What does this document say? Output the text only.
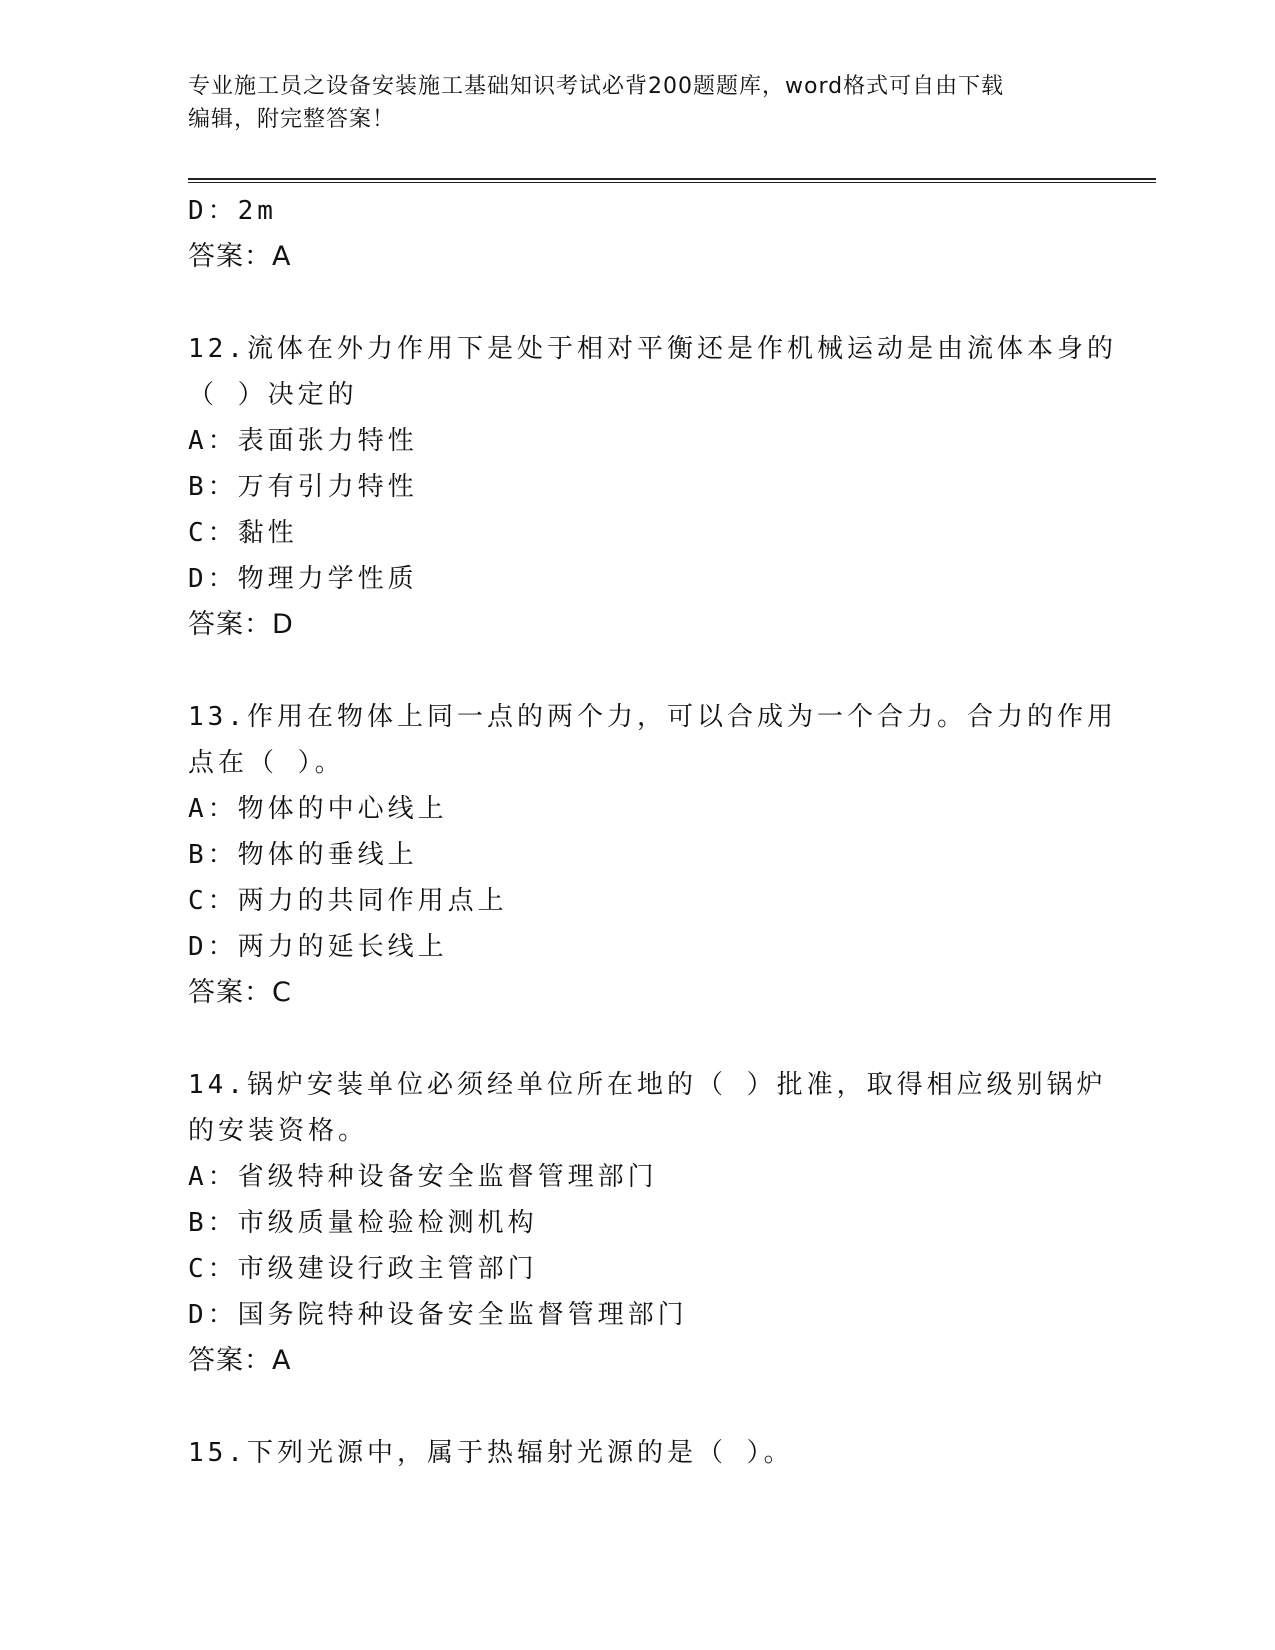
专业施工员之设备安装施工基础知识考试必背200题题库，word格式可自由下载
编辑，附完整答案！
D：2m
答案：A
12.流体在外力作用下是处于相对平衡还是作机械运动是由流体本身的
（ ）决定的
A：表面张力特性
B：万有引力特性
C：黏性
D：物理力学性质
答案：D
13.作用在物体上同一点的两个力，可以合成为一个合力。合力的作用
点在（ ）。
A：物体的中心线上
B：物体的垂线上
C：两力的共同作用点上
D：两力的延长线上
答案：C
14.锅炉安装单位必须经单位所在地的（ ）批准，取得相应级别锅炉
的安装资格。
A：省级特种设备安全监督管理部门
B：市级质量检验检测机构
C：市级建设行政主管部门
D：国务院特种设备安全监督管理部门
答案：A
15.下列光源中，属于热辐射光源的是（ ）。
